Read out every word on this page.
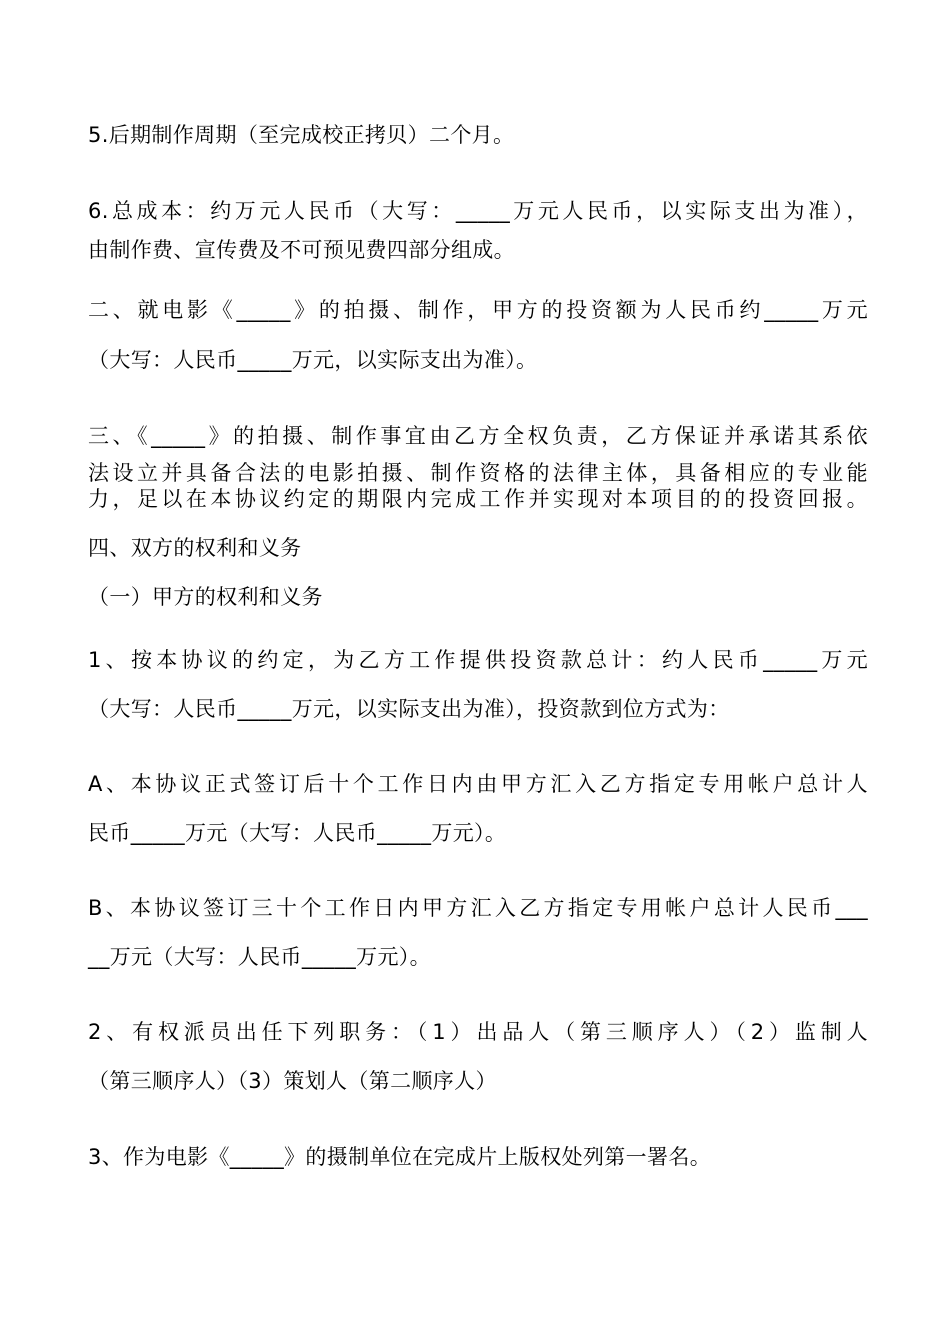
5.后期制作周期（至完成校正拷贝）二个月。
6.总成本：约万元人民币（大写：_____万元人民币，以实际支出为准），
由制作费、宣传费及不可预见费四部分组成。
二、就电影《_____》的拍摄、制作，甲方的投资额为人民币约_____万元
（大写：人民币_____万元，以实际支出为准）。
三、《_____》的拍摄、制作事宜由乙方全权负责，乙方保证并承诺其系依
法设立并具备合法的电影拍摄、制作资格的法律主体，具备相应的专业能
力，足以在本协议约定的期限内完成工作并实现对本项目的的投资回报。
四、双方的权利和义务
（一）甲方的权利和义务
1、按本协议的约定，为乙方工作提供投资款总计：约人民币_____万元
（大写：人民币_____万元，以实际支出为准），投资款到位方式为：
A、本协议正式签订后十个工作日内由甲方汇入乙方指定专用帐户总计人
民币_____万元（大写：人民币_____万元）。
B、本协议签订三十个工作日内甲方汇入乙方指定专用帐户总计人民币___
__万元（大写：人民币_____万元）。
2、有权派员出任下列职务：（1）出品人（第三顺序人）（2）监制人
（第三顺序人）（3）策划人（第二顺序人）
3、作为电影《_____》的摄制单位在完成片上版权处列第一署名。
